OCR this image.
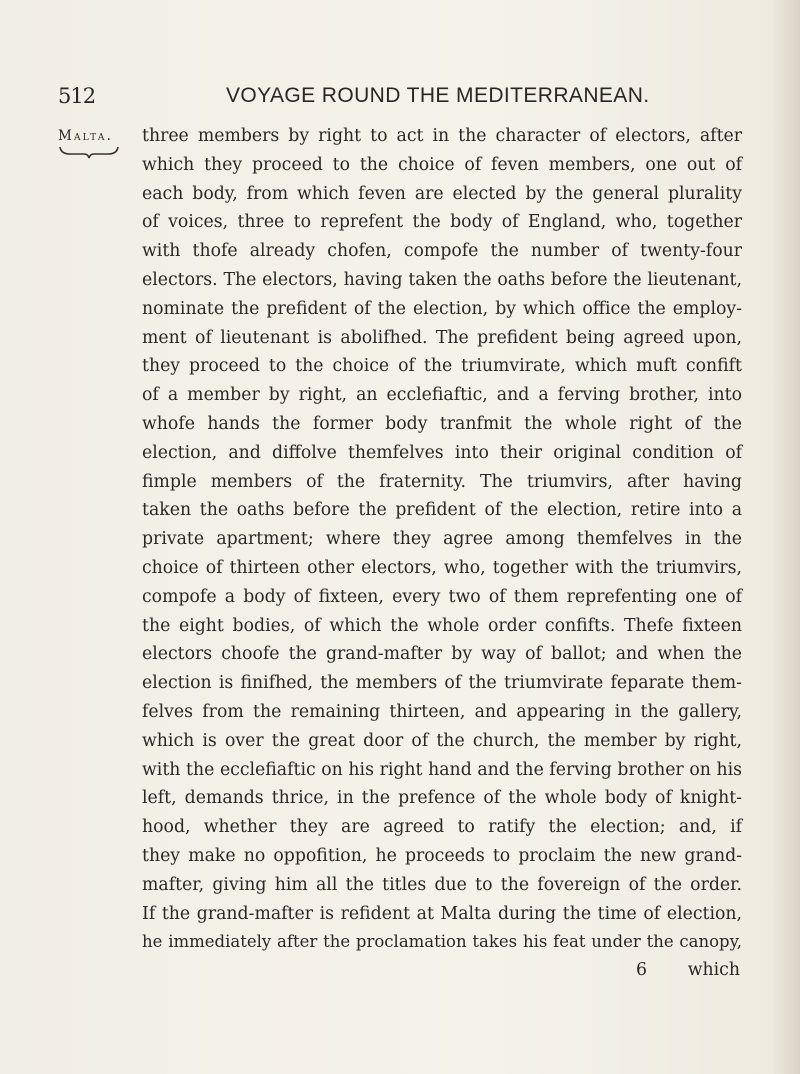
512	VOYAGE ROUND THE MEDITERRANEAN.
Malta. three members by right to act in the character of electors, after
which they proceed to the choice of feven members, one out of
each body, from which feven are elected by the general plurality
of voices, three to reprefent the body of England, who, together
with thofe already chofen, compofe the number of twenty-four
electors. The electors, having taken the oaths before the lieutenant,
nominate the prefident of the election, by which office the employ-
ment of lieutenant is abolifhed. The prefident being agreed upon,
they proceed to the choice of the triumvirate, which muft confift
of a member by right, an ecclefiaftic, and a ferving brother, into
whofe hands the former body tranfmit the whole right of the
election, and diffolve themfelves into their original condition of
fimple members of the fraternity. The triumvirs, after having
taken the oaths before the prefident of the election, retire into a
private apartment; where they agree among themfelves in the
choice of thirteen other electors, who, together with the triumvirs,
compofe a body of fixteen, every two of them reprefenting one of
the eight bodies, of which the whole order confifts. Thefe fixteen
electors choofe the grand-mafter by way of ballot; and when the
election is finifhed, the members of the triumvirate feparate them-
felves from the remaining thirteen, and appearing in the gallery,
which is over the great door of the church, the member by right,
with the ecclefiaftic on his right hand and the ferving brother on his
left, demands thrice, in the prefence of the whole body of knight-
hood, whether they are agreed to ratify the election; and, if
they make no oppofition, he proceeds to proclaim the new grand-
mafter, giving him all the titles due to the fovereign of the order.
If the grand-mafter is refident at Malta during the time of election,
he immediately after the proclamation takes his feat under the canopy,
6 which
